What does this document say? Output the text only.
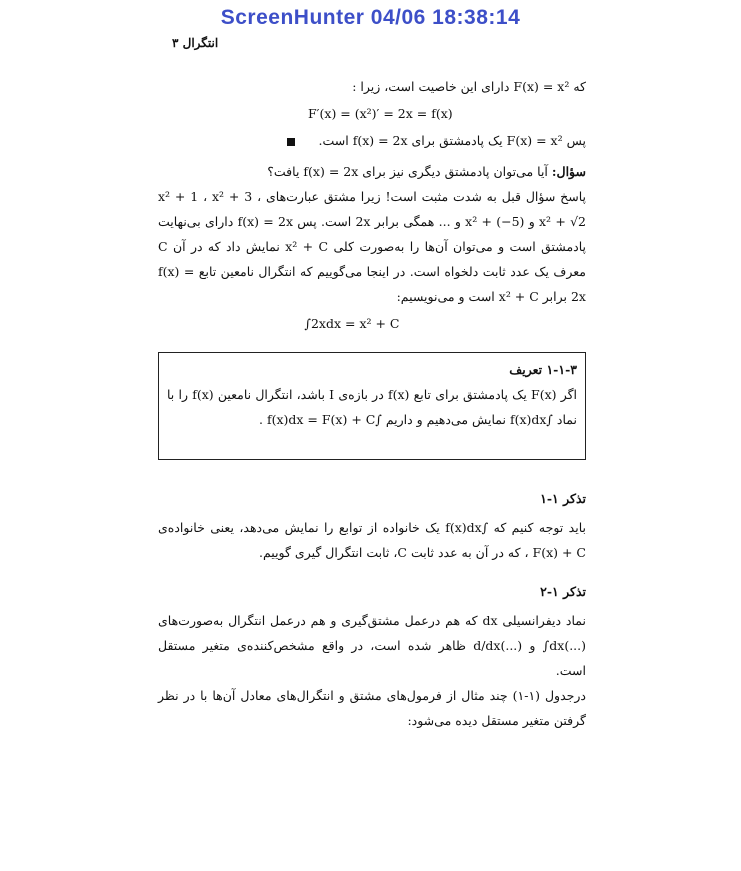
ScreenHunter 04/06 18:38:14
انتگرال ۳

که F(x) = x² دارای این خاصیت است، زیرا :

F′(x) = (x²)′ = 2x = f(x)

پس F(x) = x² یک پادمشتق برای f(x) = 2x است.

سؤال: آیا می‌توان پادمشتق دیگری نیز برای f(x) = 2x یافت؟

پاسخ سؤال قبل به شدت مثبت است! زیرا مشتق عبارت‌های x² + 1 ، x² + 3 ، x² + √2 و x² + (−5) و ... همگی برابر 2x است. پس f(x) = 2x دارای بی‌نهایت پادمشتق است و می‌توان آن‌ها را به‌صورت کلی x² + C نمایش داد که در آن C معرف یک عدد ثابت دلخواه است. در اینجا می‌گوییم که انتگرال نامعین تابع f(x) = 2x برابر x² + C است و می‌نویسیم:

∫2xdx = x² + C

۱-۱-۳ تعریف

اگر F(x) یک پادمشتق برای تابع f(x) در بازه‌ی I باشد، انتگرال نامعین f(x) را با نماد ∫f(x)dx نمایش می‌دهیم و داریم ∫f(x)dx = F(x) + C .

تذکر ۱-۱

باید توجه کنیم که ∫f(x)dx یک خانواده از توابع را نمایش می‌دهد، یعنی خانواده‌ی F(x) + C ، که در آن به عدد ثابت C، ثابت انتگرال گیری گوییم.

تذکر ۱-۲

نماد دیفرانسیلی dx که هم درعمل مشتق‌گیری و هم درعمل انتگرال به‌صورت‌های (...)dx∫ و (...)d/dx ظاهر شده است، در واقع مشخص‌کننده‌ی متغیر مستقل است.

درجدول (۱-۱) چند مثال از فرمول‌های مشتق و انتگرال‌های معادل آن‌ها با در نظر گرفتن متغیر مستقل دیده می‌شود:
